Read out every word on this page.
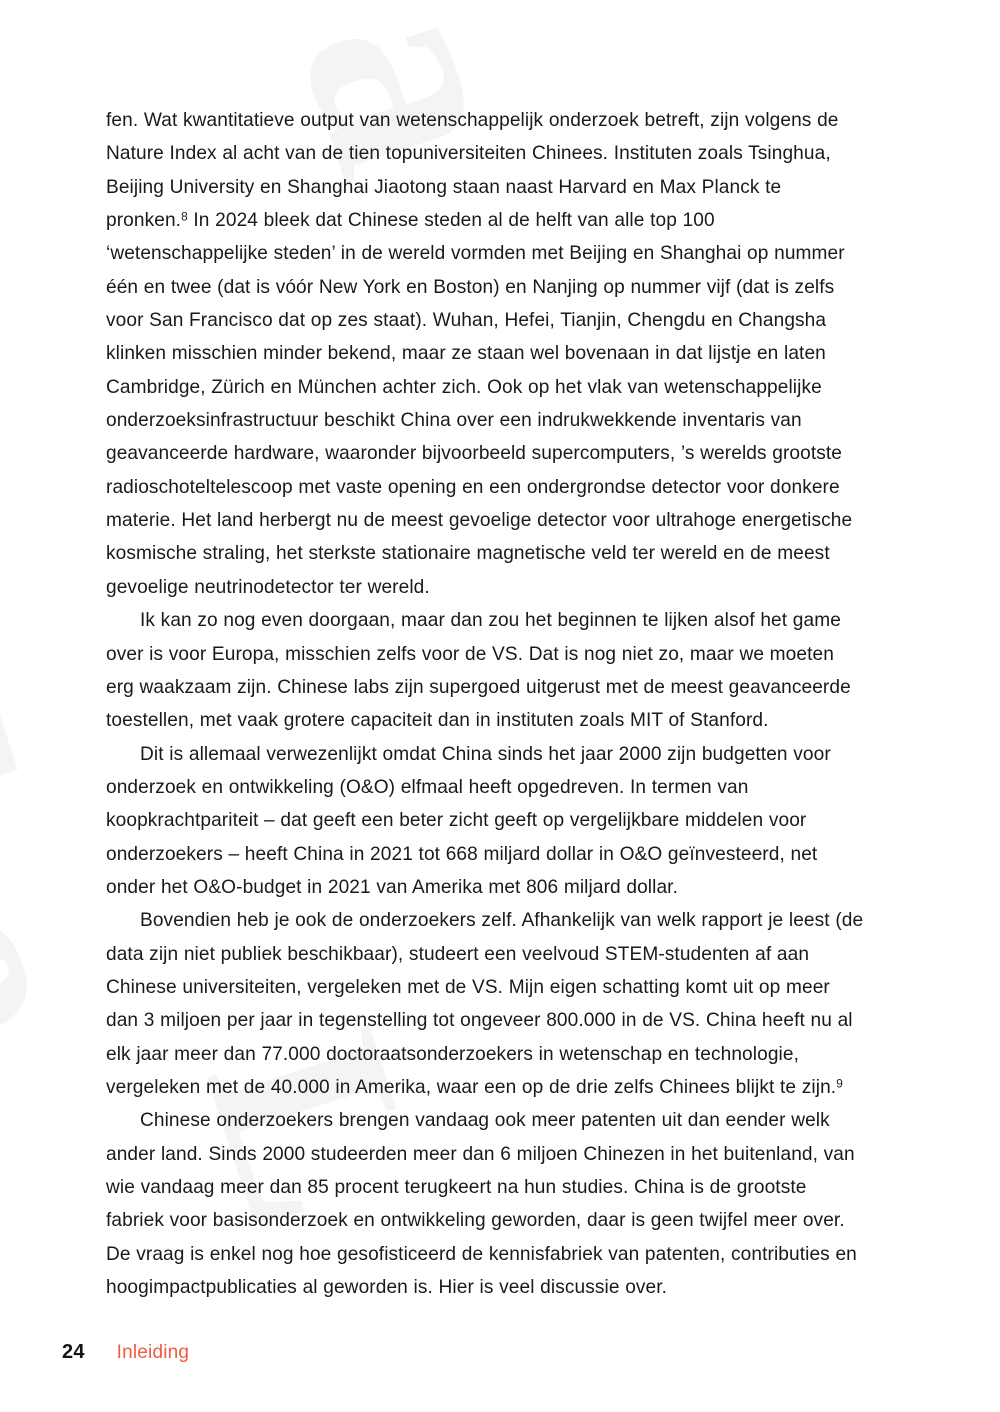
fen. Wat kwantitatieve output van wetenschappelijk onderzoek betreft, zijn volgens de Nature Index al acht van de tien topuniversiteiten Chinees. Instituten zoals Tsinghua, Beijing University en Shanghai Jiaotong staan naast Harvard en Max Planck te pronken.$^8$ In 2024 bleek dat Chinese steden al de helft van alle top 100 ‘wetenschappelijke steden’ in de wereld vormden met Beijing en Shanghai op nummer één en twee (dat is vóór New York en Boston) en Nanjing op nummer vijf (dat is zelfs voor San Francisco dat op zes staat). Wuhan, Hefei, Tianjin, Chengdu en Changsha klinken misschien minder bekend, maar ze staan wel bovenaan in dat lijstje en laten Cambridge, Zürich en München achter zich. Ook op het vlak van wetenschappelijke onderzoeksinfrastructuur beschikt China over een indrukwekkende inventaris van geavanceerde hardware, waaronder bijvoorbeeld supercomputers, ’s werelds grootste radioschoteltelescoop met vaste opening en een ondergrondse detector voor donkere materie. Het land herbergt nu de meest gevoelige detector voor ultrahoge energetische kosmische straling, het sterkste stationaire magnetische veld ter wereld en de meest gevoelige neutrinodetector ter wereld.

Ik kan zo nog even doorgaan, maar dan zou het beginnen te lijken alsof het game over is voor Europa, misschien zelfs voor de VS. Dat is nog niet zo, maar we moeten erg waakzaam zijn. Chinese labs zijn supergoed uitgerust met de meest geavanceerde toestellen, met vaak grotere capaciteit dan in instituten zoals MIT of Stanford.

Dit is allemaal verwezenlijkt omdat China sinds het jaar 2000 zijn budgetten voor onderzoek en ontwikkeling (O&O) elfmaal heeft opgedreven. In termen van koopkrachtpariteit – dat geeft een beter zicht geeft op vergelijkbare middelen voor onderzoekers – heeft China in 2021 tot 668 miljard dollar in O&O geïnvesteerd, net onder het O&O-budget in 2021 van Amerika met 806 miljard dollar.

Bovendien heb je ook de onderzoekers zelf. Afhankelijk van welk rapport je leest (de data zijn niet publiek beschikbaar), studeert een veelvoud STEM-studenten af aan Chinese universiteiten, vergeleken met de VS. Mijn eigen schatting komt uit op meer dan 3 miljoen per jaar in tegenstelling tot ongeveer 800.000 in de VS. China heeft nu al elk jaar meer dan 77.000 doctoraatsonderzoekers in wetenschap en technologie, vergeleken met de 40.000 in Amerika, waar een op de drie zelfs Chinees blijkt te zijn.$^9$

Chinese onderzoekers brengen vandaag ook meer patenten uit dan eender welk ander land. Sinds 2000 studeerden meer dan 6 miljoen Chinezen in het buitenland, van wie vandaag meer dan 85 procent terugkeert na hun studies. China is de grootste fabriek voor basisonderzoek en ontwikkeling geworden, daar is geen twijfel meer over. De vraag is enkel nog hoe gesofisticeerd de kennisfabriek van patenten, contributies en hoogimpactpublicaties al geworden is. Hier is veel discussie over.

24 Inleiding
